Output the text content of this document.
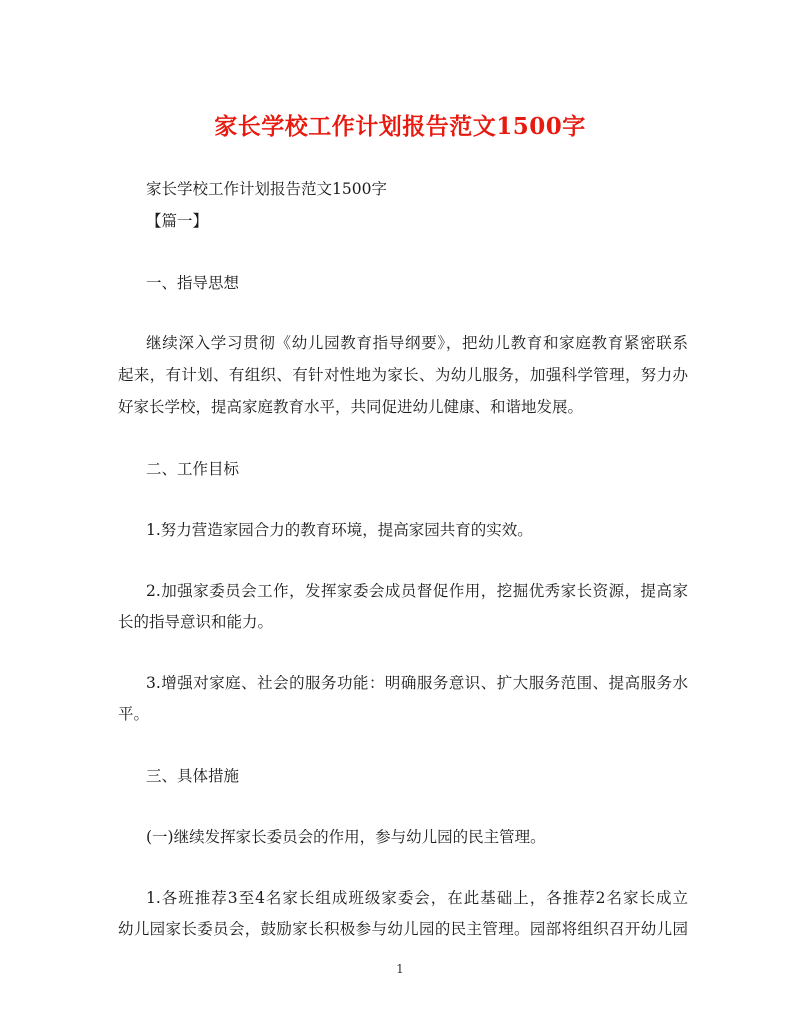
家长学校工作计划报告范文1500字
家长学校工作计划报告范文1500字
【篇一】
一、指导思想
继续深入学习贯彻《幼儿园教育指导纲要》，把幼儿教育和家庭教育紧密联系
起来，有计划、有组织、有针对性地为家长、为幼儿服务，加强科学管理，努力办
好家长学校，提高家庭教育水平，共同促进幼儿健康、和谐地发展。
二、工作目标
1.努力营造家园合力的教育环境，提高家园共育的实效。
2.加强家委员会工作，发挥家委会成员督促作用，挖掘优秀家长资源，提高家
长的指导意识和能力。
3.增强对家庭、社会的服务功能：明确服务意识、扩大服务范围、提高服务水
平。
三、具体措施
(一)继续发挥家长委员会的作用，参与幼儿园的民主管理。
1.各班推荐3至4名家长组成班级家委会，在此基础上，各推荐2名家长成立
幼儿园家长委员会，鼓励家长积极参与幼儿园的民主管理。园部将组织召开幼儿园
1
